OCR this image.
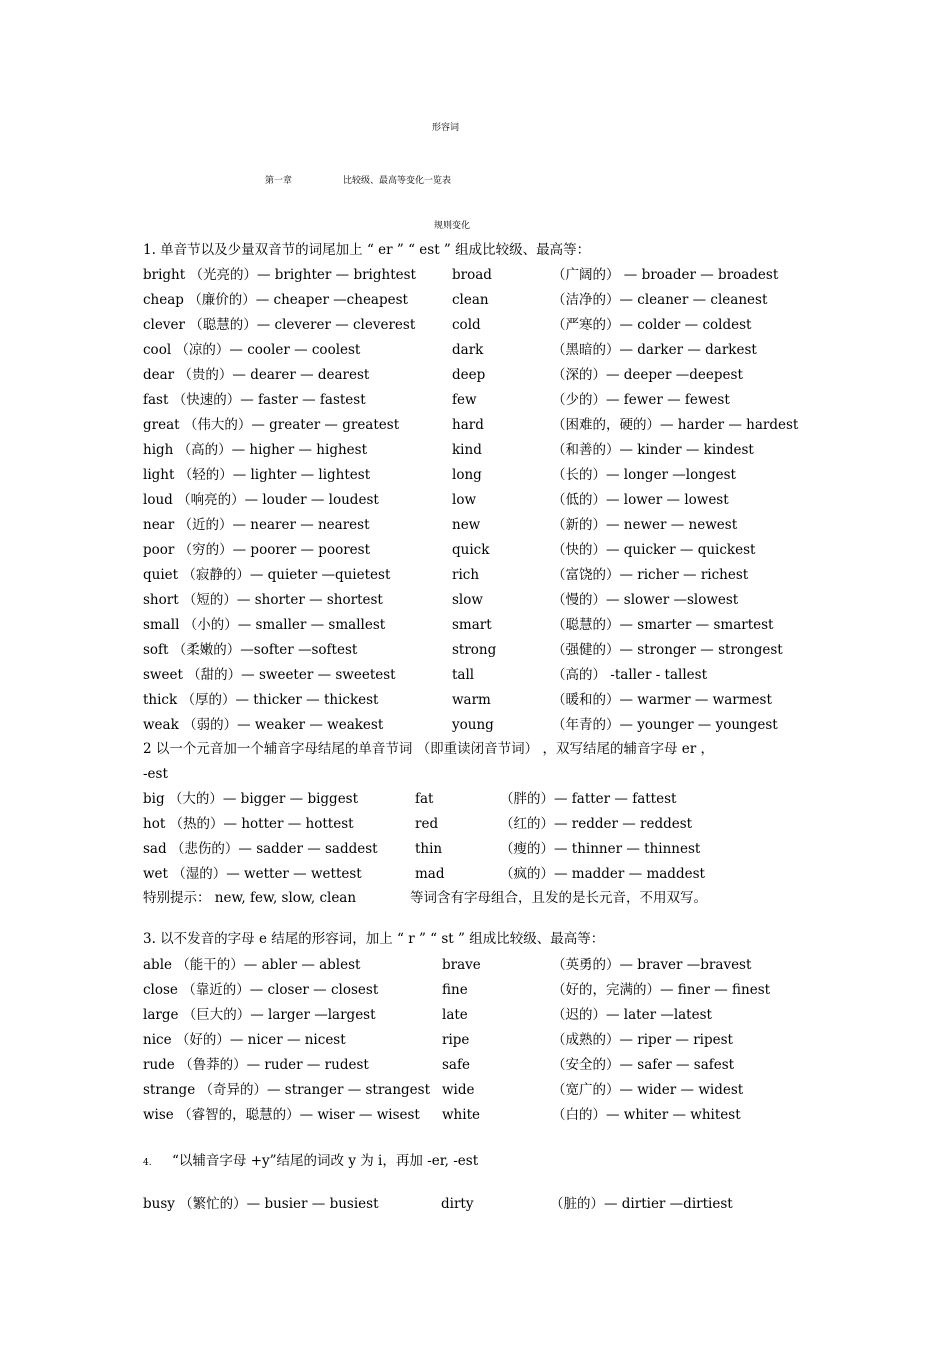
形容词
第一章	比较级、最高等变化一览表
规则变化
1. 单音节以及少量双音节的词尾加上 “ er ” “ est ” 组成比较级、最高等：
bright （光亮的）— brighter — brightest	broad	（广阔的） — broader — broadest
cheap （廉价的）— cheaper —cheapest	clean	（洁净的）— cleaner — cleanest
clever （聪慧的）— cleverer — cleverest	cold	（严寒的）— colder — coldest
cool （凉的）— cooler — coolest	dark	（黑暗的）— darker — darkest
dear （贵的）— dearer — dearest	deep	（深的）— deeper —deepest
fast （快速的）— faster — fastest	few	（少的）— fewer — fewest
great （伟大的）— greater — greatest	hard	（困难的，硬的）— harder — hardest
high （高的）— higher — highest	kind	（和善的）— kinder — kindest
light （轻的）— lighter — lightest	long	（长的）— longer —longest
loud （响亮的）— louder — loudest	low	（低的）— lower — lowest
near （近的）— nearer — nearest	new	（新的）— newer — newest
poor （穷的）— poorer — poorest	quick	（快的）— quicker — quickest
quiet （寂静的）— quieter —quietest	rich	（富饶的）— richer — richest
short （短的）— shorter — shortest	slow	（慢的）— slower —slowest
small （小的）— smaller — smallest	smart	（聪慧的）— smarter — smartest
soft （柔嫩的）—softer —softest	strong	（强健的）— stronger — strongest
sweet （甜的）— sweeter — sweetest	tall	（高的） -taller - tallest
thick （厚的）— thicker — thickest	warm	（暖和的）— warmer — warmest
weak （弱的）— weaker — weakest	young	（年青的）— younger — youngest
2 以一个元音加一个辅音字母结尾的单音节词 （即重读闭音节词） ，双写结尾的辅音字母 er ，
-est
big （大的）— bigger — biggest	fat	（胖的）— fatter — fattest
hot （热的）— hotter — hottest	red	（红的）— redder — reddest
sad （悲伤的）— sadder — saddest	thin	（瘦的）— thinner — thinnest
wet （湿的）— wetter — wettest	mad	（疯的）— madder — maddest
特别提示： new, few, slow, clean	等词含有字母组合，且发的是长元音，不用双写。
3. 以不发音的字母 e 结尾的形容词，加上 “ r ” “ st ” 组成比较级、最高等：
able （能干的）— abler — ablest	brave	（英勇的）— braver —bravest
close （靠近的）— closer — closest	fine	（好的，完满的）— finer — finest
large （巨大的）— larger —largest	late	（迟的）— later —latest
nice （好的）— nicer — nicest	ripe	（成熟的）— riper — ripest
rude （鲁莽的）— ruder — rudest	safe	（安全的）— safer — safest
strange （奇异的）— stranger — strangest wide	（宽广的）— wider — widest
wise （睿智的，聪慧的）— wiser — wisest white	（白的）— whiter — whitest
4. “以辅音字母 +y”结尾的词改 y 为 i，再加 -er, -est
busy （繁忙的）— busier — busiest	dirty	（脏的）— dirtier —dirtiest
